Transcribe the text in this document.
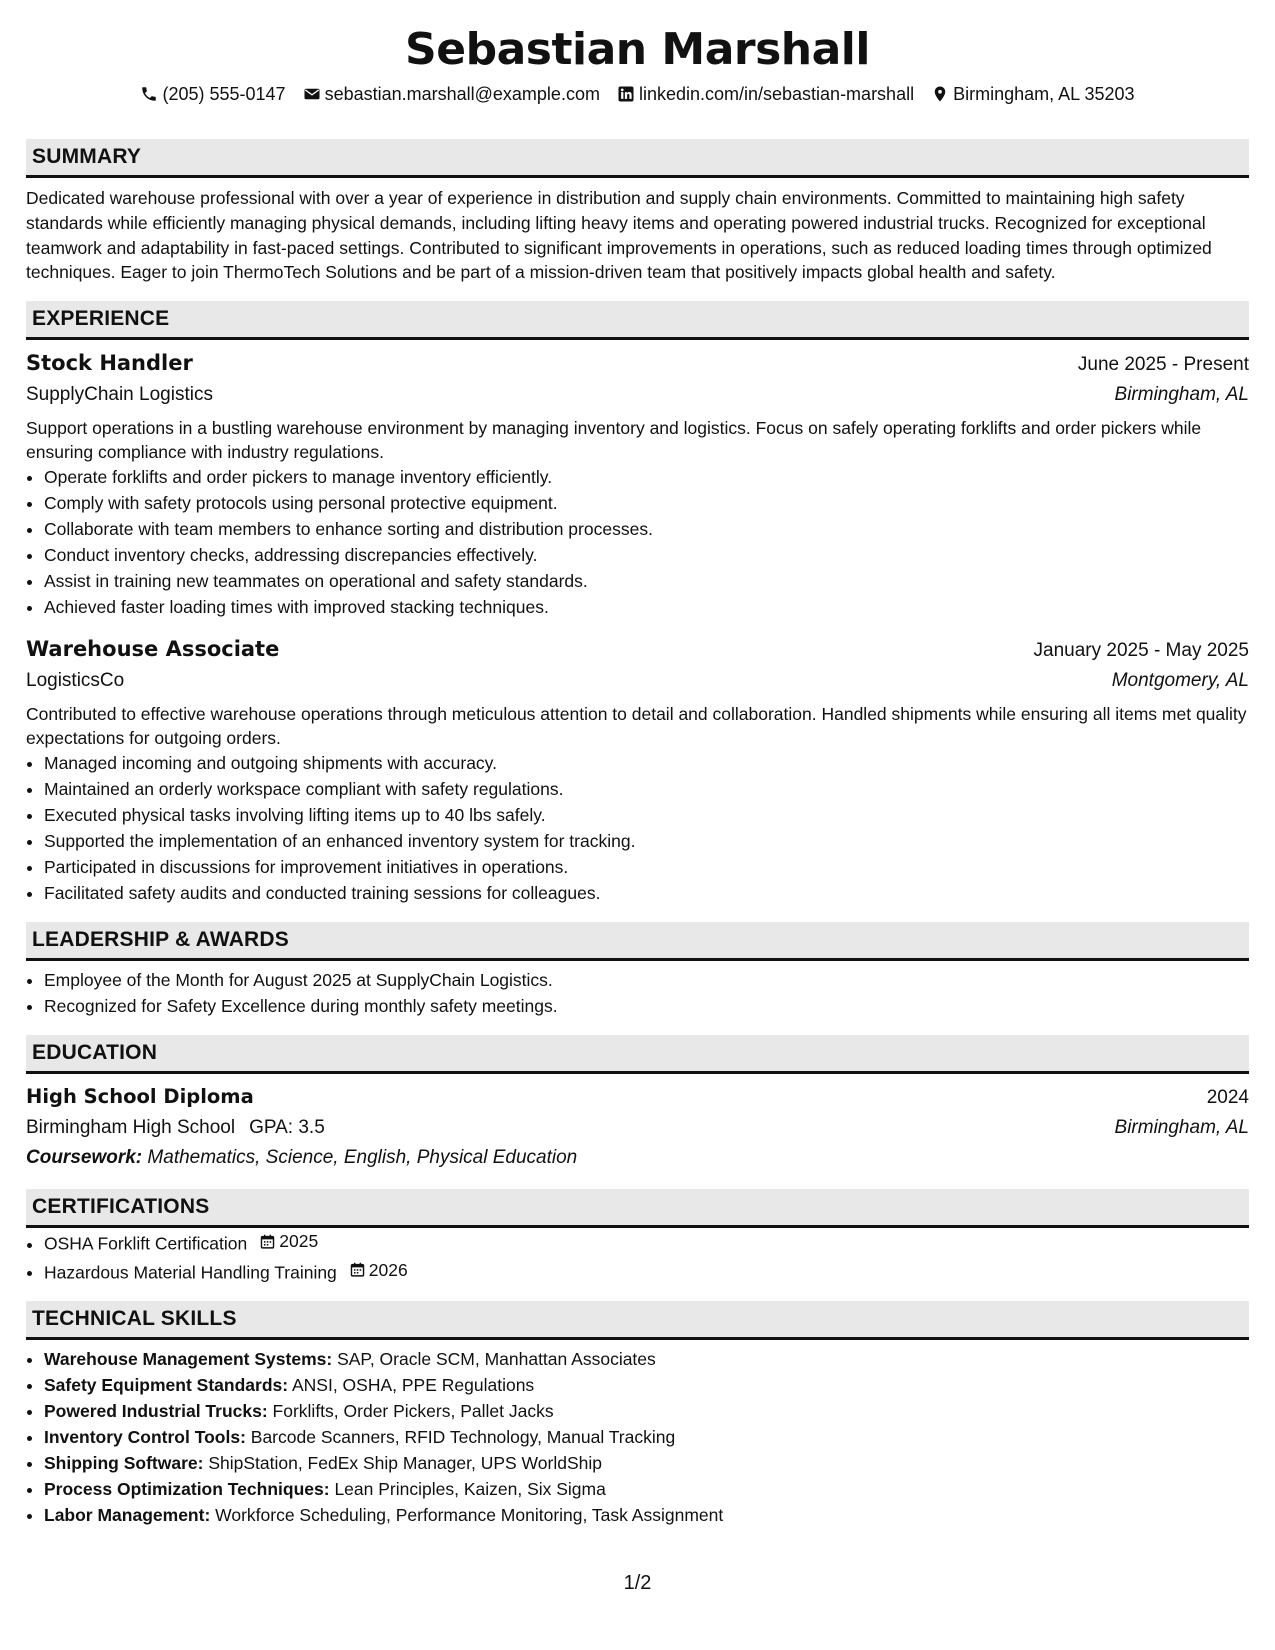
Sebastian Marshall
(205) 555-0147 sebastian.marshall@example.com linkedin.com/in/sebastian-marshall Birmingham, AL 35203
SUMMARY
Dedicated warehouse professional with over a year of experience in distribution and supply chain environments. Committed to maintaining high safety standards while efficiently managing physical demands, including lifting heavy items and operating powered industrial trucks. Recognized for exceptional teamwork and adaptability in fast-paced settings. Contributed to significant improvements in operations, such as reduced loading times through optimized techniques. Eager to join ThermoTech Solutions and be part of a mission-driven team that positively impacts global health and safety.
EXPERIENCE
Stock Handler	June 2025 - Present
SupplyChain Logistics	Birmingham, AL
Support operations in a bustling warehouse environment by managing inventory and logistics. Focus on safely operating forklifts and order pickers while ensuring compliance with industry regulations.
• Operate forklifts and order pickers to manage inventory efficiently.
• Comply with safety protocols using personal protective equipment.
• Collaborate with team members to enhance sorting and distribution processes.
• Conduct inventory checks, addressing discrepancies effectively.
• Assist in training new teammates on operational and safety standards.
• Achieved faster loading times with improved stacking techniques.
Warehouse Associate	January 2025 - May 2025
LogisticsCo	Montgomery, AL
Contributed to effective warehouse operations through meticulous attention to detail and collaboration. Handled shipments while ensuring all items met quality expectations for outgoing orders.
• Managed incoming and outgoing shipments with accuracy.
• Maintained an orderly workspace compliant with safety regulations.
• Executed physical tasks involving lifting items up to 40 lbs safely.
• Supported the implementation of an enhanced inventory system for tracking.
• Participated in discussions for improvement initiatives in operations.
• Facilitated safety audits and conducted training sessions for colleagues.
LEADERSHIP & AWARDS
• Employee of the Month for August 2025 at SupplyChain Logistics.
• Recognized for Safety Excellence during monthly safety meetings.
EDUCATION
High School Diploma	2024
Birmingham High School GPA: 3.5	Birmingham, AL
Coursework: Mathematics, Science, English, Physical Education
CERTIFICATIONS
• OSHA Forklift Certification 2025
• Hazardous Material Handling Training 2026
TECHNICAL SKILLS
• Warehouse Management Systems: SAP, Oracle SCM, Manhattan Associates
• Safety Equipment Standards: ANSI, OSHA, PPE Regulations
• Powered Industrial Trucks: Forklifts, Order Pickers, Pallet Jacks
• Inventory Control Tools: Barcode Scanners, RFID Technology, Manual Tracking
• Shipping Software: ShipStation, FedEx Ship Manager, UPS WorldShip
• Process Optimization Techniques: Lean Principles, Kaizen, Six Sigma
• Labor Management: Workforce Scheduling, Performance Monitoring, Task Assignment
1/2
